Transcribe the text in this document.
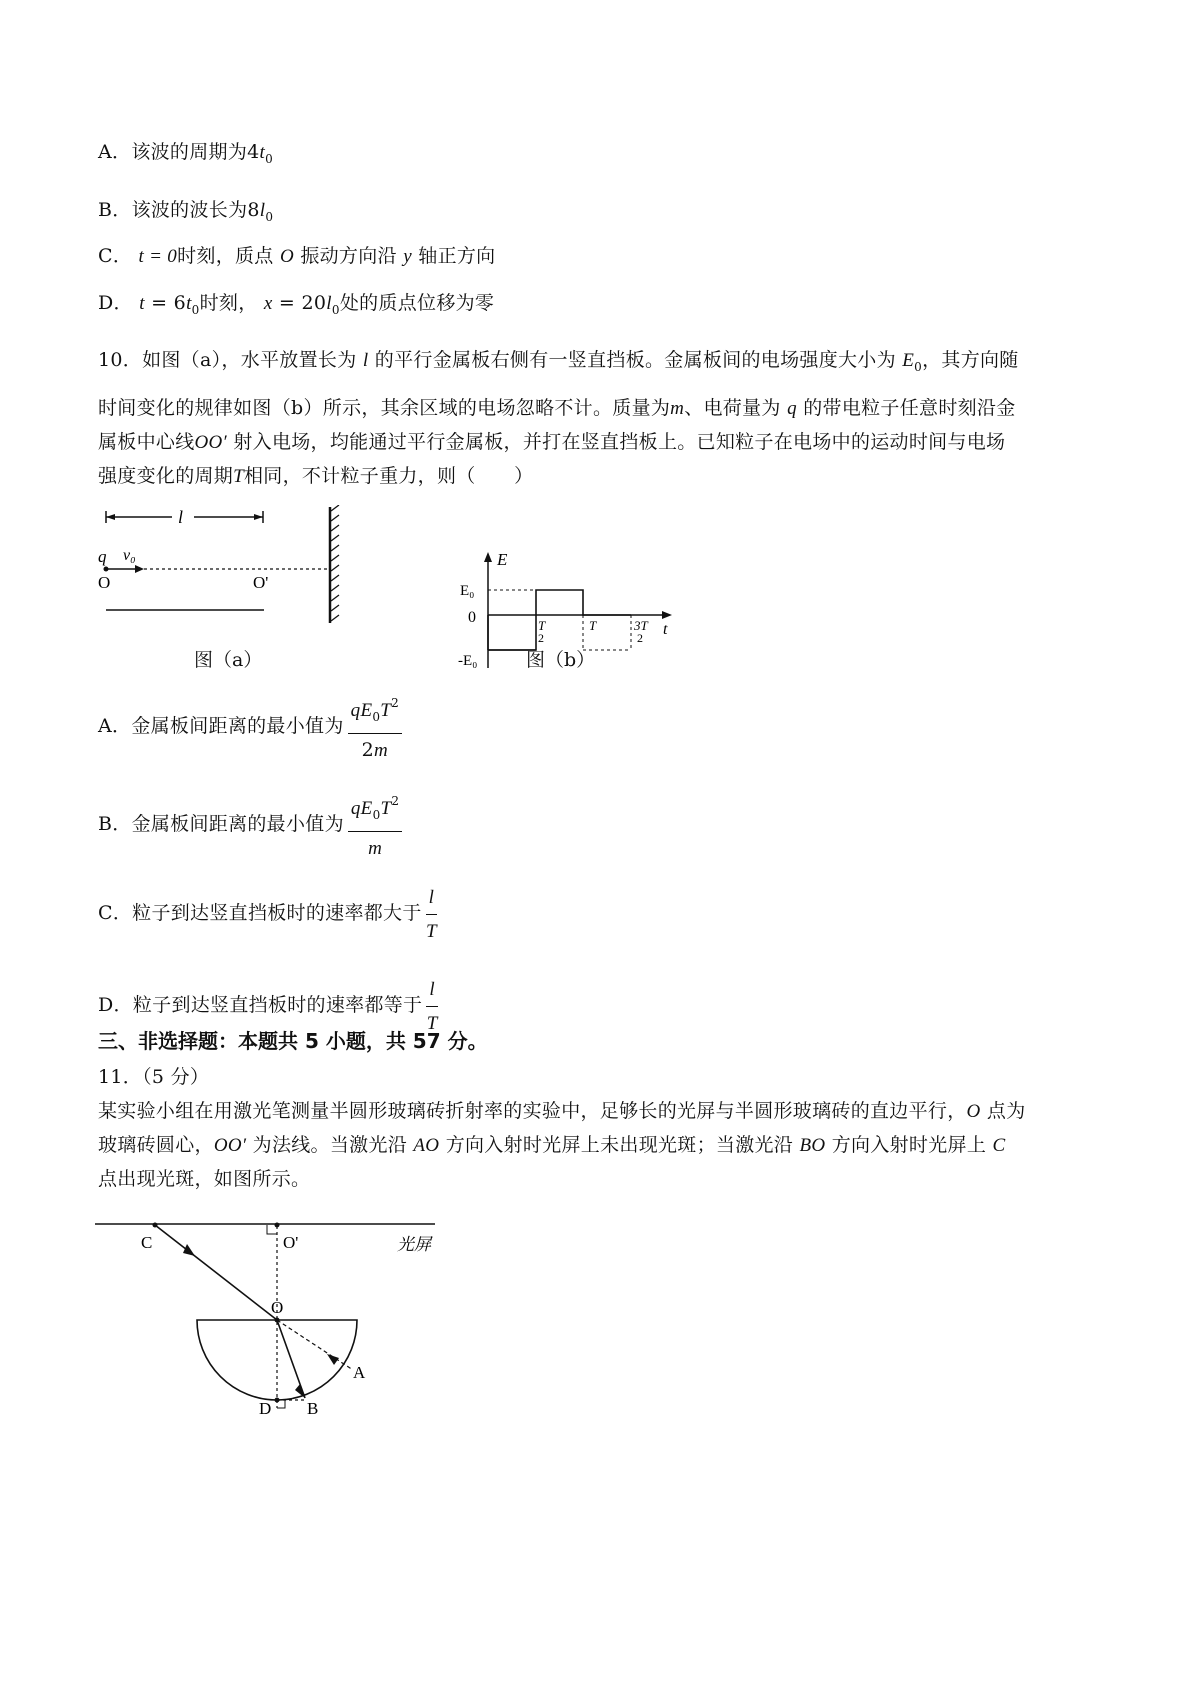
A．该波的周期为$4t_0$
B．该波的波长为$8l_0$
C． t = 0时刻，质点 O 振动方向沿 y 轴正方向
D． $t = 6t_0$时刻， $x = 20l_0$处的质点位移为零
10．如图（a），水平放置长为 l 的平行金属板右侧有一竖直挡板。金属板间的电场强度大小为 $E_0$，其方向随
时间变化的规律如图（b）所示，其余区域的电场忽略不计。质量为m、电荷量为 q 的带电粒子任意时刻沿金
属板中心线OO′ 射入电场，均能通过平行金属板，并打在竖直挡板上。已知粒子在电场中的运动时间与电场
强度变化的周期T相同，不计粒子重力，则（　　）
l
q v₀
O	O'
图（a）
E
t
E₀
0
-E₀
T
2
T	3T
2
图（b）
A．金属板间距离的最小值为 $\frac{qE_0T^2}{2m}$
B．金属板间距离的最小值为 $\frac{qE_0T^2}{m}$
C．粒子到达竖直挡板时的速率都大于 $\frac{l}{T}$
D．粒子到达竖直挡板时的速率都等于 $\frac{l}{T}$
三、非选择题：本题共 5 小题，共 57 分。
11．（5 分）
某实验小组在用激光笔测量半圆形玻璃砖折射率的实验中，足够长的光屏与半圆形玻璃砖的直边平行，O 点为
玻璃砖圆心，OO′ 为法线。当激光沿 AO 方向入射时光屏上未出现光斑；当激光沿 BO 方向入射时光屏上 C
点出现光斑，如图所示。
光屏
C	O'
O
A
B
D
